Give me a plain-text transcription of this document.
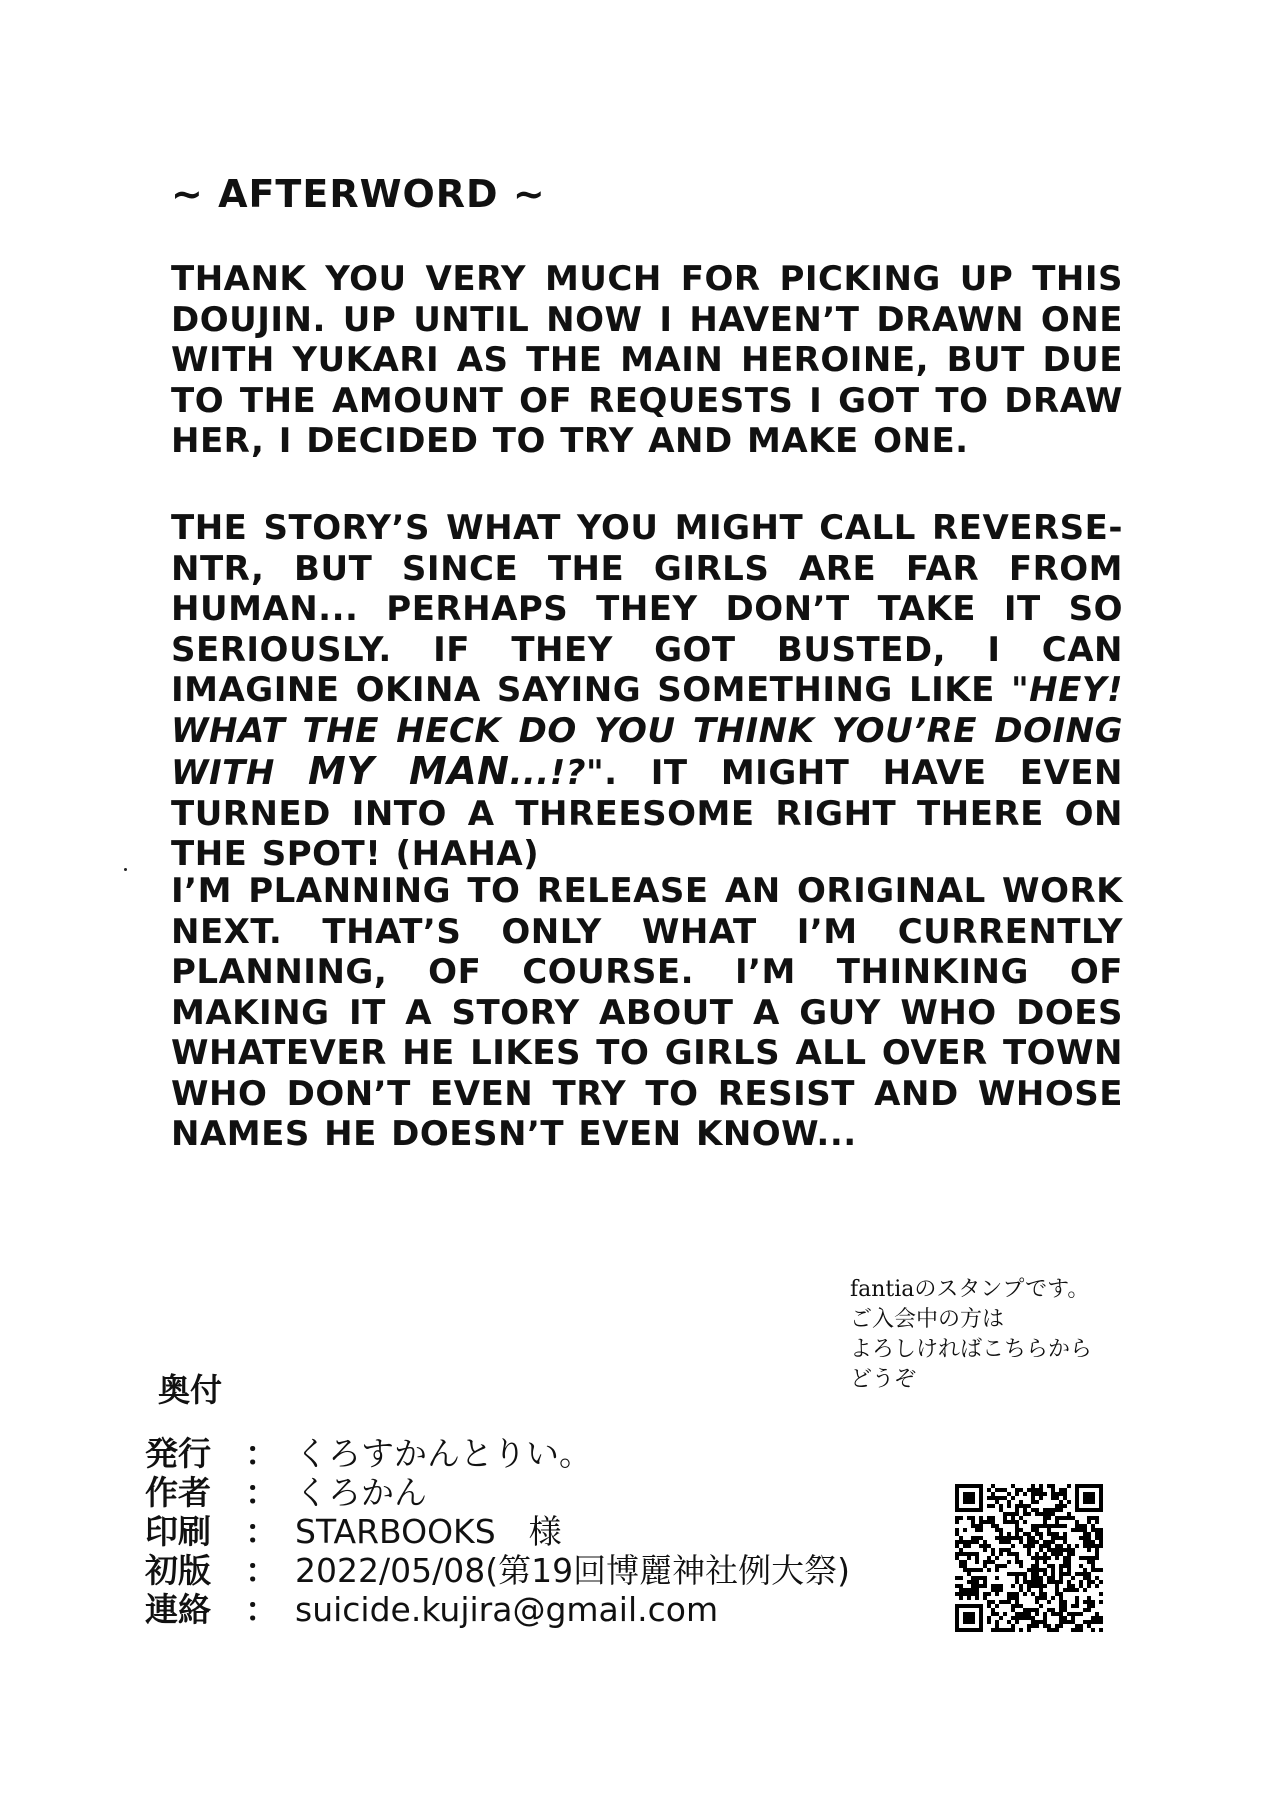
~ AFTERWORD ~
THANK YOU VERY MUCH FOR PICKING UP THIS DOUJIN. UP UNTIL NOW I HAVEN’T DRAWN ONE WITH YUKARI AS THE MAIN HEROINE, BUT DUE TO THE AMOUNT OF REQUESTS I GOT TO DRAW HER, I DECIDED TO TRY AND MAKE ONE.
THE STORY’S WHAT YOU MIGHT CALL REVERSE-NTR, BUT SINCE THE GIRLS ARE FAR FROM HUMAN... PERHAPS THEY DON’T TAKE IT SO SERIOUSLY. IF THEY GOT BUSTED, I CAN IMAGINE OKINA SAYING SOMETHING LIKE "HEY! WHAT THE HECK DO YOU THINK YOU’RE DOING WITH MY MAN...!?". IT MIGHT HAVE EVEN TURNED INTO A THREESOME RIGHT THERE ON THE SPOT! (HAHA)
I’M PLANNING TO RELEASE AN ORIGINAL WORK NEXT. THAT’S ONLY WHAT I’M CURRENTLY PLANNING, OF COURSE. I’M THINKING OF MAKING IT A STORY ABOUT A GUY WHO DOES WHATEVER HE LIKES TO GIRLS ALL OVER TOWN WHO DON’T EVEN TRY TO RESIST AND WHOSE NAMES HE DOESN’T EVEN KNOW...
fantiaのスタンプです。
ご入会中の方は
よろしければこちらから
どうぞ
奥付
発行	： くろすかんとりい。
作者	： くろかん
印刷	： STARBOOKS　様
初版	： 2022/05/08(第19回博麗神社例大祭)
連絡	： suicide.kujira@gmail.com
